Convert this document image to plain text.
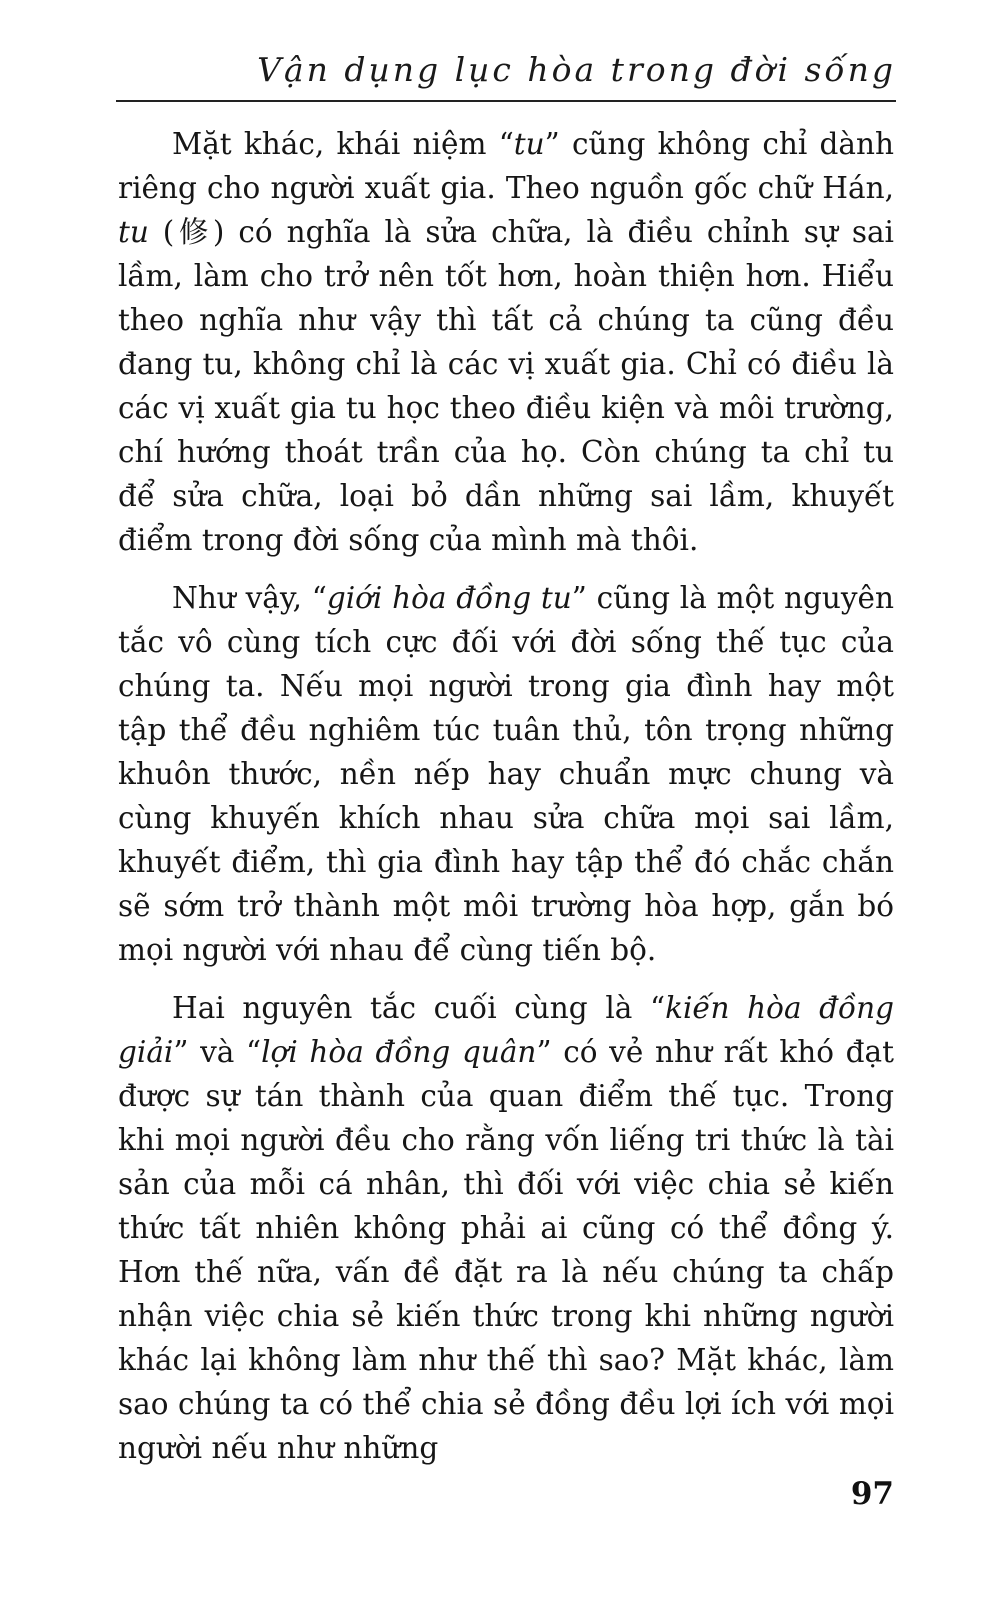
Vận dụng lục hòa trong đời sống

Mặt khác, khái niệm “tu” cũng không chỉ dành riêng cho người xuất gia. Theo nguồn gốc chữ Hán, tu (修) có nghĩa là sửa chữa, là điều chỉnh sự sai lầm, làm cho trở nên tốt hơn, hoàn thiện hơn. Hiểu theo nghĩa như vậy thì tất cả chúng ta cũng đều đang tu, không chỉ là các vị xuất gia. Chỉ có điều là các vị xuất gia tu học theo điều kiện và môi trường, chí hướng thoát trần của họ. Còn chúng ta chỉ tu để sửa chữa, loại bỏ dần những sai lầm, khuyết điểm trong đời sống của mình mà thôi.

Như vậy, “giới hòa đồng tu” cũng là một nguyên tắc vô cùng tích cực đối với đời sống thế tục của chúng ta. Nếu mọi người trong gia đình hay một tập thể đều nghiêm túc tuân thủ, tôn trọng những khuôn thước, nền nếp hay chuẩn mực chung và cùng khuyến khích nhau sửa chữa mọi sai lầm, khuyết điểm, thì gia đình hay tập thể đó chắc chắn sẽ sớm trở thành một môi trường hòa hợp, gắn bó mọi người với nhau để cùng tiến bộ.

Hai nguyên tắc cuối cùng là “kiến hòa đồng giải” và “lợi hòa đồng quân” có vẻ như rất khó đạt được sự tán thành của quan điểm thế tục. Trong khi mọi người đều cho rằng vốn liếng tri thức là tài sản của mỗi cá nhân, thì đối với việc chia sẻ kiến thức tất nhiên không phải ai cũng có thể đồng ý. Hơn thế nữa, vấn đề đặt ra là nếu chúng ta chấp nhận việc chia sẻ kiến thức trong khi những người khác lại không làm như thế thì sao? Mặt khác, làm sao chúng ta có thể chia sẻ đồng đều lợi ích với mọi người nếu như những

97
